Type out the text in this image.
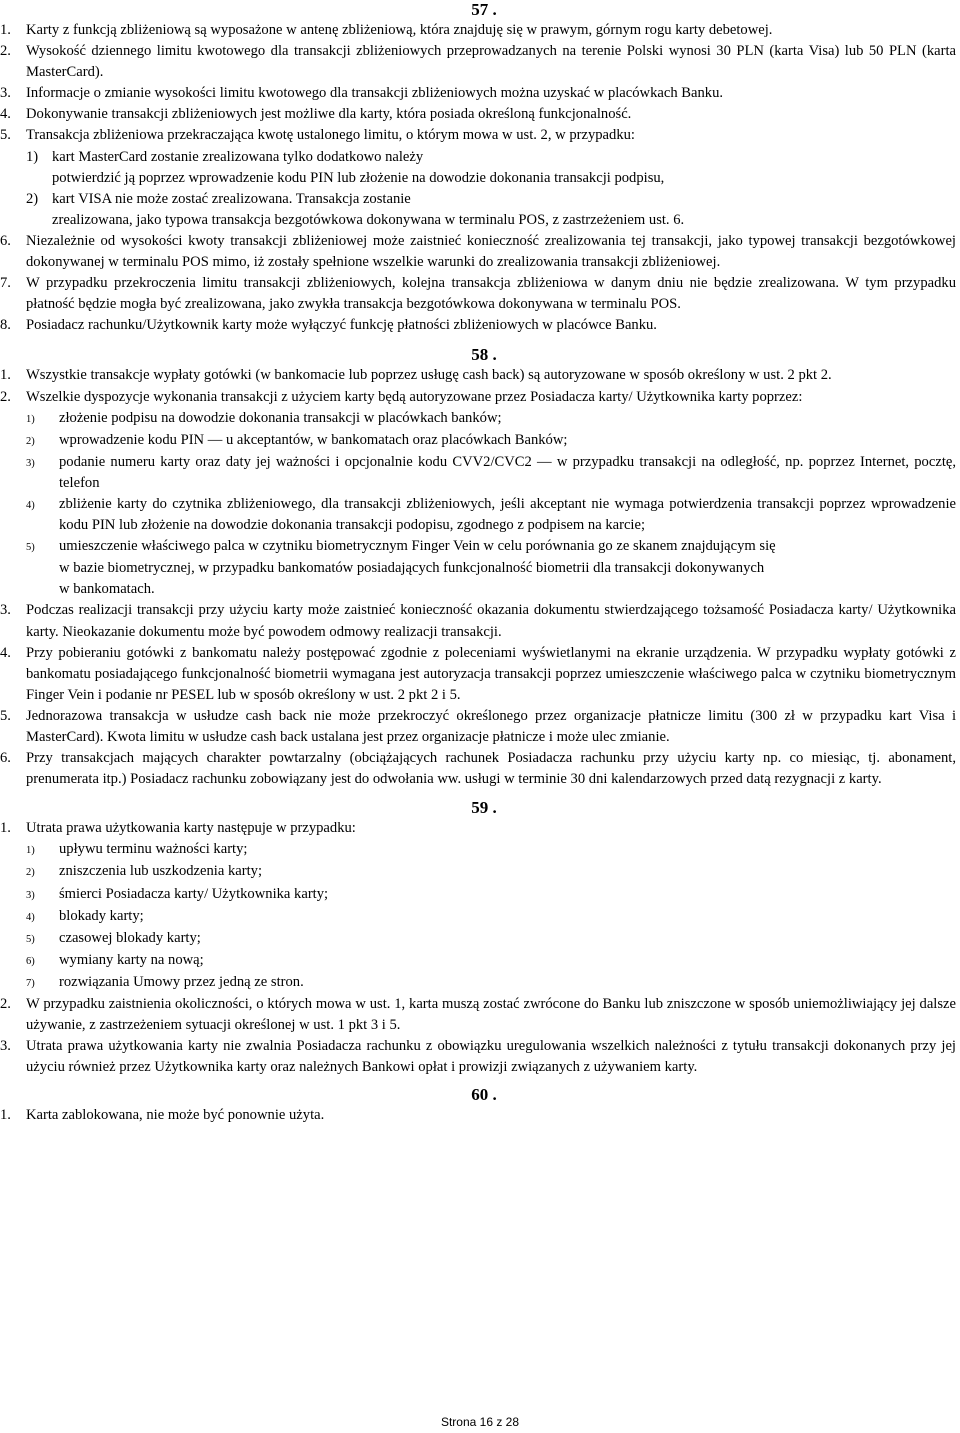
57 .
1.	Karty z funkcją zbliżeniową są wyposażone w antenę zbliżeniową, która znajduję się w prawym, górnym rogu karty debetowej.
2.	Wysokość dziennego limitu kwotowego dla transakcji zbliżeniowych przeprowadzanych na terenie Polski wynosi 30 PLN (karta Visa) lub 50 PLN (karta MasterCard).
3.	Informacje o zmianie wysokości limitu kwotowego dla transakcji zbliżeniowych można uzyskać w placówkach Banku.
4.	Dokonywanie transakcji zbliżeniowych jest możliwe dla karty, która posiada określoną funkcjonalność.
5.	Transakcja zbliżeniowa przekraczająca kwotę ustalonego limitu, o którym mowa w ust. 2, w przypadku:
1) kart MasterCard zostanie zrealizowana tylko dodatkowo należy
potwierdzić ją poprzez wprowadzenie kodu PIN lub złożenie na dowodzie dokonania transakcji podpisu,
2) kart VISA nie może zostać zrealizowana. Transakcja zostanie
zrealizowana, jako typowa transakcja bezgotówkowa dokonywana w terminalu POS, z zastrzeżeniem ust. 6.
6.	Niezależnie od wysokości kwoty transakcji zbliżeniowej może zaistnieć konieczność zrealizowania tej transakcji, jako typowej transakcji bezgotówkowej dokonywanej w terminalu POS mimo, iż zostały spełnione wszelkie warunki do zrealizowania transakcji zbliżeniowej.
7.	W przypadku przekroczenia limitu transakcji zbliżeniowych, kolejna transakcja zbliżeniowa w danym dniu nie będzie zrealizowana. W tym przypadku płatność będzie mogła być zrealizowana, jako zwykła transakcja bezgotówkowa dokonywana w terminalu POS.
8.	Posiadacz rachunku/Użytkownik karty może wyłączyć funkcję płatności zbliżeniowych w placówce Banku.
58 .
1.	Wszystkie transakcje wypłaty gotówki (w bankomacie lub poprzez usługę cash back) są autoryzowane w sposób określony w ust. 2 pkt 2.
2.	Wszelkie dyspozycje wykonania transakcji z użyciem karty będą autoryzowane przez Posiadacza karty/ Użytkownika karty poprzez:
1)	złożenie podpisu na dowodzie dokonania transakcji w placówkach banków;
2)	wprowadzenie kodu PIN — u akceptantów, w bankomatach oraz placówkach Banków;
3)	podanie numeru karty oraz daty jej ważności i opcjonalnie kodu CVV2/CVC2 — w przypadku transakcji na odległość, np. poprzez Internet, pocztę, telefon
4)	zbliżenie karty do czytnika zbliżeniowego, dla transakcji zbliżeniowych, jeśli akceptant nie wymaga potwierdzenia transakcji poprzez wprowadzenie kodu PIN lub złożenie na dowodzie dokonania transakcji podopisu, zgodnego z podpisem na karcie;
5)	umieszczenie właściwego palca w czytniku biometrycznym Finger Vein w celu porównania go ze skanem znajdującym się
w bazie biometrycznej, w przypadku bankomatów posiadających funkcjonalność biometrii dla transakcji dokonywanych
w bankomatach.
3.	Podczas realizacji transakcji przy użyciu karty może zaistnieć konieczność okazania dokumentu stwierdzającego tożsamość Posiadacza karty/ Użytkownika karty. Nieokazanie dokumentu może być powodem odmowy realizacji transakcji.
4.	Przy pobieraniu gotówki z bankomatu należy postępować zgodnie z poleceniami wyświetlanymi na ekranie urządzenia. W przypadku wypłaty gotówki z bankomatu posiadającego funkcjonalność biometrii wymagana jest autoryzacja transakcji poprzez umieszczenie właściwego palca w czytniku biometrycznym Finger Vein i podanie nr PESEL lub w sposób określony w ust. 2 pkt 2 i 5.
5.	Jednorazowa transakcja w usłudze cash back nie może przekroczyć określonego przez organizacje płatnicze limitu (300 zł w przypadku kart Visa i MasterCard). Kwota limitu w usłudze cash back ustalana jest przez organizacje płatnicze i może ulec zmianie.
6.	Przy transakcjach mających charakter powtarzalny (obciążających rachunek Posiadacza rachunku przy użyciu karty np. co miesiąc, tj. abonament, prenumerata itp.) Posiadacz rachunku zobowiązany jest do odwołania ww. usługi w terminie 30 dni kalendarzowych przed datą rezygnacji z karty.
59 .
1.	Utrata prawa użytkowania karty następuje w przypadku:
1)	upływu terminu ważności karty;
2)	zniszczenia lub uszkodzenia karty;
3)	śmierci Posiadacza karty/ Użytkownika karty;
4)	blokady karty;
5)	czasowej blokady karty;
6)	wymiany karty na nową;
7)	rozwiązania Umowy przez jedną ze stron.
2.	W przypadku zaistnienia okoliczności, o których mowa w ust. 1, karta muszą zostać zwrócone do Banku lub zniszczone w sposób uniemożliwiający jej dalsze używanie, z zastrzeżeniem sytuacji określonej w ust. 1 pkt 3 i 5.
3.	Utrata prawa użytkowania karty nie zwalnia Posiadacza rachunku z obowiązku uregulowania wszelkich należności z tytułu transakcji dokonanych przy jej użyciu również przez Użytkownika karty oraz należnych Bankowi opłat i prowizji związanych z używaniem karty.
60 .
1.	Karta zablokowana, nie może być ponownie użyta.
Strona 16 z 28
